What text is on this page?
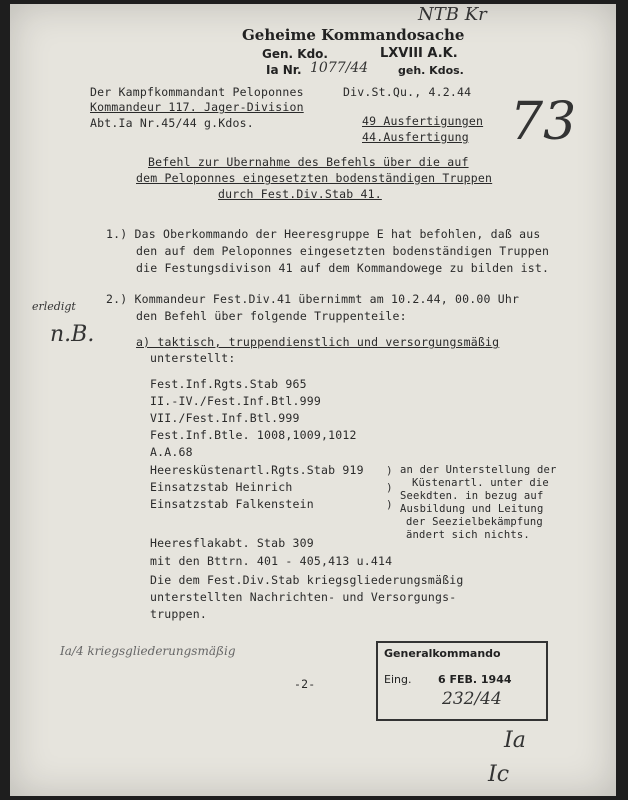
NTB Kr
Geheime Kommandosache
Gen. Kdo.	LXVIII A.K.
Ia Nr. 1077/44	geh. Kdos.
Der Kampfkommandant Peloponnes
Kommandeur 117. Jager-Division
Abt.Ia Nr.45/44 g.Kdos.
Div.St.Qu., 4.2.44
49 Ausfertigungen
44.Ausfertigung 73
Befehl zur Ubernahme des Befehls über die auf
dem Peloponnes eingesetzten bodenständigen Truppen
durch Fest.Div.Stab 41.
1.) Das Oberkommando der Heeresgruppe E hat befohlen, daß aus
den auf dem Peloponnes eingesetzten bodenständigen Truppen
die Festungsdivison 41 auf dem Kommandowege zu bilden ist.
erledigt
n.B.
2.) Kommandeur Fest.Div.41 übernimmt am 10.2.44, 00.00 Uhr
den Befehl über folgende Truppenteile:
a) taktisch, truppendienstlich und versorgungsmäßig
unterstellt:
Fest.Inf.Rgts.Stab 965
II.-IV./Fest.Inf.Btl.999
VII./Fest.Inf.Btl.999
Fest.Inf.Btle. 1008,1009,1012
A.A.68
Heeresküstenartl.Rgts.Stab 919
Einsatzstab Heinrich
Einsatzstab Falkenstein
)
)
)
an der Unterstellung der
Küstenartl. unter die
Seekdten. in bezug auf
Ausbildung und Leitung
der Seezielbekämpfung
ändert sich nichts.
Heeresflakabt. Stab 309
mit den Bttrn. 401 - 405,413 u.414
Die dem Fest.Div.Stab kriegsgliederungsmäßig
unterstellten Nachrichten- und Versorgungs-
truppen.
-2-
Ia/4 kriegsgliederungsmäßig	Generalkommando
Eing. 6 FEB. 1944
232/44
Ia
Ic
